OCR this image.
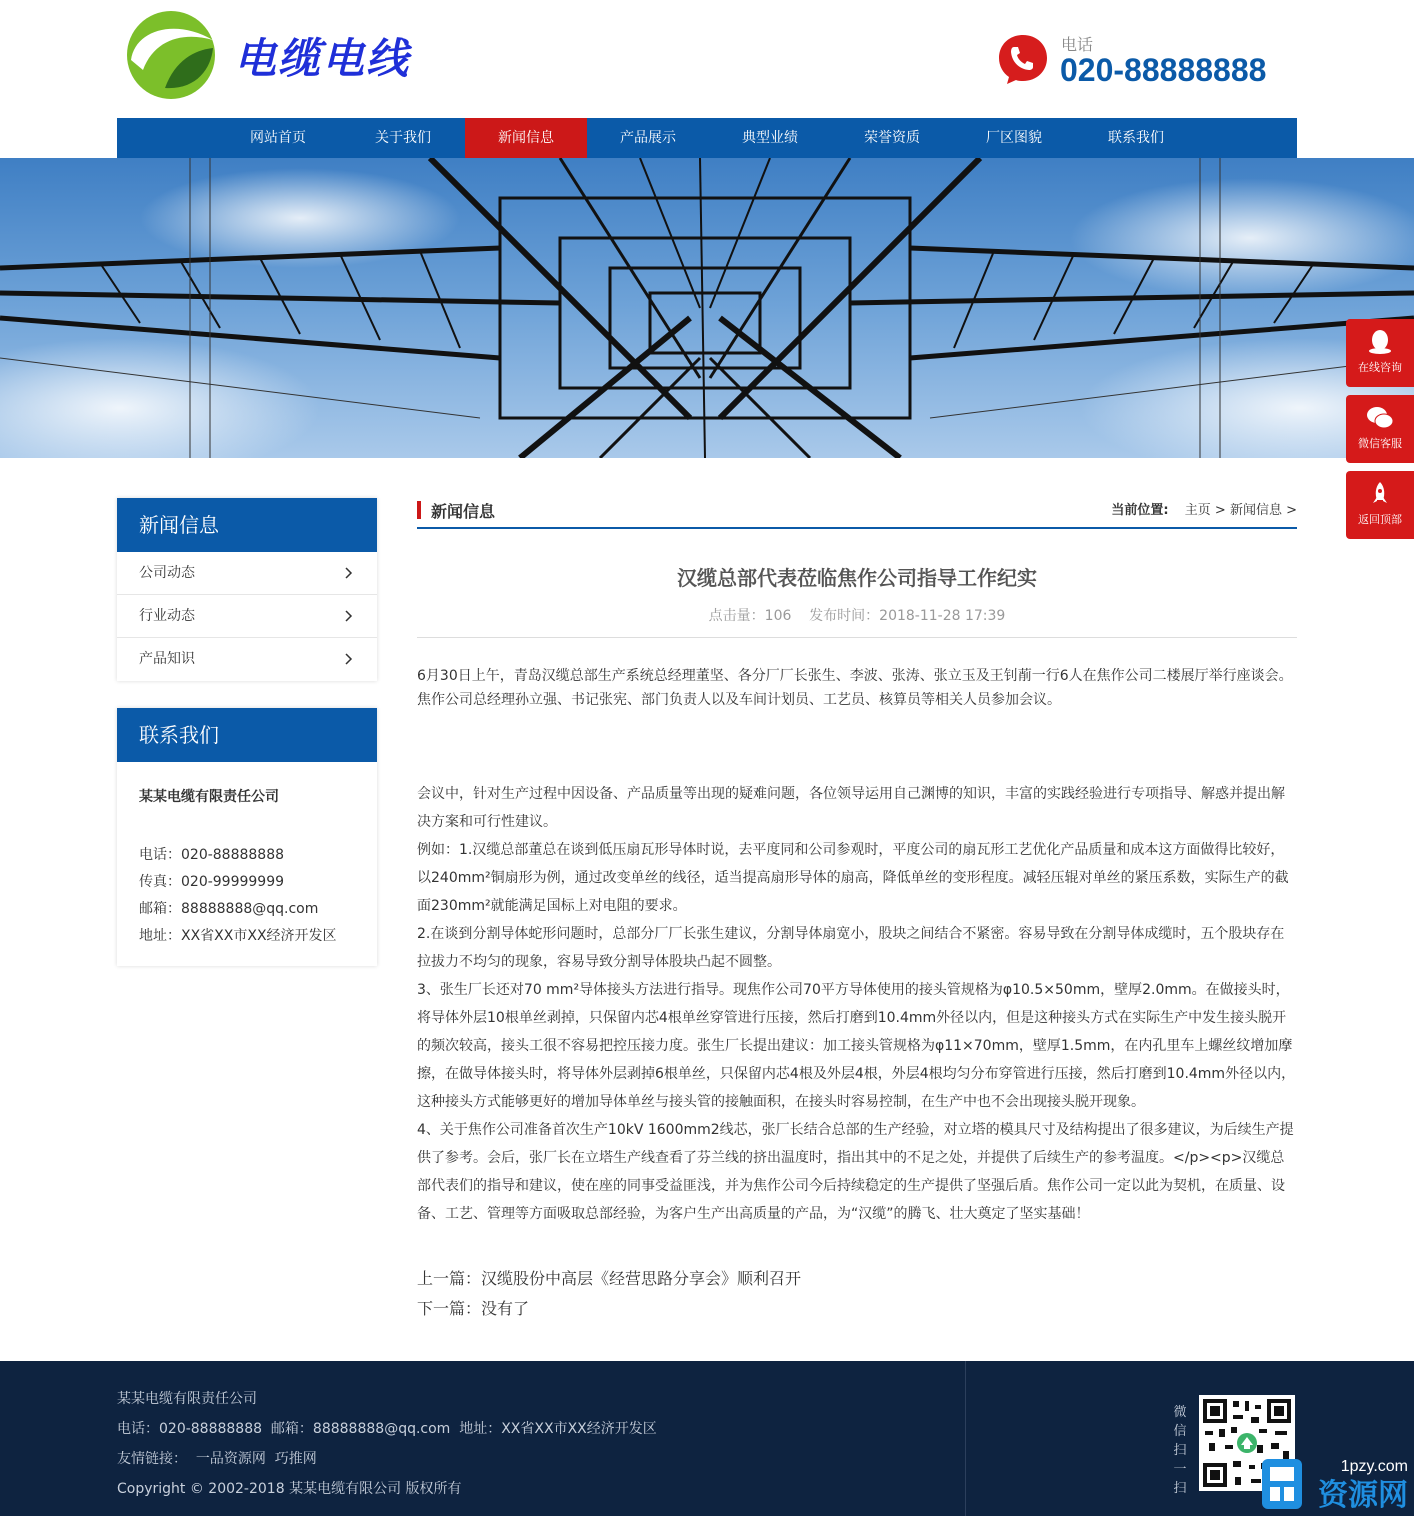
电缆电线	电话
020-88888888
网站首页	关于我们	新闻信息	产品展示	典型业绩	荣誉资质	厂区图貌	联系我们
在线咨询
微信客服
返回顶部
新闻信息
公司动态
行业动态
产品知识
联系我们
某某电缆有限责任公司
电话：020-88888888
传真：020-99999999
邮箱：88888888@qq.com
地址：XX省XX市XX经济开发区
新闻信息	当前位置: 主页 > 新闻信息 >
汉缆总部代表莅临焦作公司指导工作纪实
点击量：106    发布时间：2018-11-28 17:39

6月30日上午，青岛汉缆总部生产系统总经理董坚、各分厂厂长张生、李波、张涛、张立玉及王钊萷一行6人在焦作公司二楼展厅举行座谈会。焦作公司总经理孙立强、书记张宪、部门负责人以及车间计划员、工艺员、核算员等相关人员参加会议。

会议中，针对生产过程中因设备、产品质量等出现的疑难问题，各位领导运用自己渊博的知识，丰富的实践经验进行专项指导、解惑并提出解决方案和可行性建议。

例如：1.汉缆总部董总在谈到低压扇瓦形导体时说，去平度同和公司参观时，平度公司的扇瓦形工艺优化产品质量和成本这方面做得比较好，以240mm²铜扇形为例，通过改变单丝的线径，适当提高扇形导体的扇高，降低单丝的变形程度。减轻压辊对单丝的紧压系数，实际生产的截面230mm²就能满足国标上对电阻的要求。

2.在谈到分割导体蛇形问题时，总部分厂厂长张生建议，分割导体扇宽小，股块之间结合不紧密。容易导致在分割导体成缆时，五个股块存在拉拔力不均匀的现象，容易导致分割导体股块凸起不圆整。

3、张生厂长还对70 mm²导体接头方法进行指导。现焦作公司70平方导体使用的接头管规格为φ10.5×50mm，壁厚2.0mm。在做接头时，将导体外层10根单丝剥掉，只保留内芯4根单丝穿管进行压接，然后打磨到10.4mm外径以内，但是这种接头方式在实际生产中发生接头脱开的频次较高，接头工很不容易把控压接力度。张生厂长提出建议：加工接头管规格为φ11×70mm，壁厚1.5mm，在内孔里车上螺丝纹增加摩擦，在做导体接头时，将导体外层剥掉6根单丝，只保留内芯4根及外层4根，外层4根均匀分布穿管进行压接，然后打磨到10.4mm外径以内，这种接头方式能够更好的增加导体单丝与接头管的接触面积，在接头时容易控制，在生产中也不会出现接头脱开现象。

4、关于焦作公司准备首次生产10kV 1600mm2线芯，张厂长结合总部的生产经验，对立塔的模具尺寸及结构提出了很多建议，为后续生产提供了参考。会后，张厂长在立塔生产线查看了芬兰线的挤出温度时，指出其中的不足之处，并提供了后续生产的参考温度。</p><p>汉缆总部代表们的指导和建议，使在座的同事受益匪浅，并为焦作公司今后持续稳定的生产提供了坚强后盾。焦作公司一定以此为契机，在质量、设备、工艺、管理等方面吸取总部经验，为客户生产出高质量的产品，为“汉缆”的腾飞、壮大奠定了坚实基础！

上一篇：汉缆股份中高层《经营思路分享会》顺利召开
下一篇：没有了
某某电缆有限责任公司
电话：020-88888888  邮箱：88888888@qq.com  地址：XX省XX市XX经济开发区
友情链接：  一品资源网  巧推网
Copyright © 2002-2018 某某电缆有限公司 版权所有
微信扫一扫
1pzy.com
资源网
